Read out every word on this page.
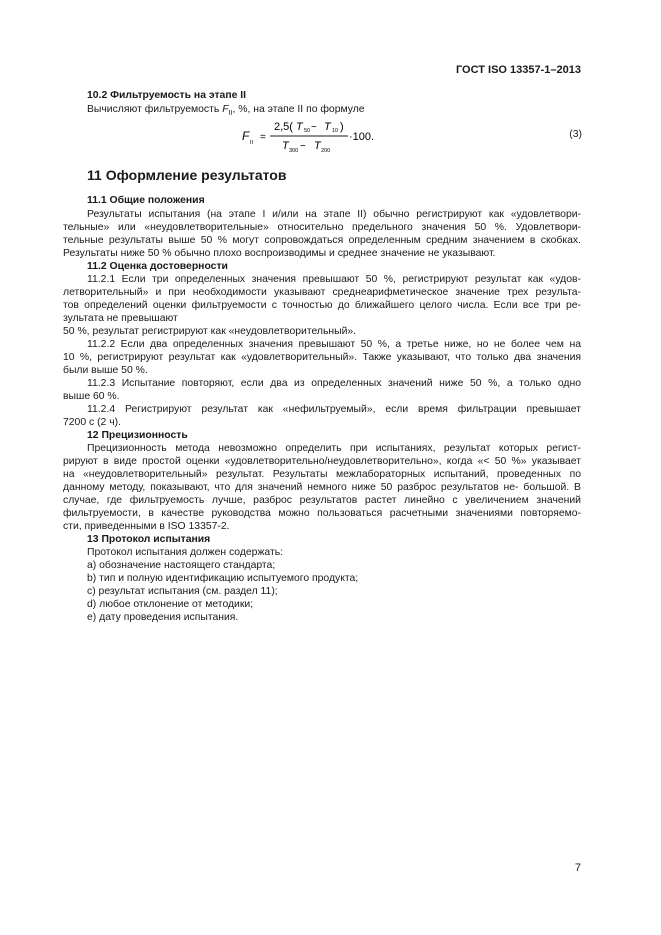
ГОСТ ISO 13357-1–2013
10.2 Фильтруемость на этапе II
Вычисляют фильтруемость $F_{II}$, %, на этапе II по формуле
F II =
2,5( T 50 − T 10 )
T 300 − T 200
·100.	(3)
11 Оформление результатов
11.1 Общие положения
Результаты испытания (на этапе I и/или на этапе II) обычно регистрируют как «удовлетвори-
тельные» или «неудовлетворительные» относительно предельного значения 50 %. Удовлетвори-
тельные результаты выше 50 % могут сопровождаться определенным средним значением в скобках.
Результаты ниже 50 % обычно плохо воспроизводимы и среднее значение не указывают.
11.2 Оценка достоверности
11.2.1 Если три определенных значения превышают 50 %, регистрируют результат как «удов-
летворительный» и при необходимости указывают среднеарифметическое значение трех результа-
тов определений оценки фильтруемости с точностью до ближайшего целого числа. Если все три ре-
зультата не превышают
50 %, результат регистрируют как «неудовлетворительный».
11.2.2 Если два определенных значения превышают 50 %, а третье ниже, но не более чем на
10 %, регистрируют результат как «удовлетворительный». Также указывают, что только два значения
были выше 50 %.
11.2.3 Испытание повторяют, если два из определенных значений ниже 50 %, а только одно
выше 60 %.
11.2.4 Регистрируют результат как «нефильтруемый», если время фильтрации превышает
7200 с (2 ч).
12 Прецизионность
Прецизионность метода невозможно определить при испытаниях, результат которых регист-
рируют в виде простой оценки «удовлетворительно/неудовлетворительно», когда «< 50 %» указывает
на «неудовлетворительный» результат. Результаты межлабораторных испытаний, проведенных по
данному методу, показывают, что для значений немного ниже 50 разброс результатов не- большой. В
случае, где фильтруемость лучше, разброс результатов растет линейно с увеличением значений
фильтруемости, в качестве руководства можно пользоваться расчетными значениями повторяемо-
сти, приведенными в ISO 13357-2.
13 Протокол испытания
Протокол испытания должен содержать:
а) обозначение настоящего стандарта;
b) тип и полную идентификацию испытуемого продукта;
c) результат испытания (см. раздел 11);
d) любое отклонение от методики;
e) дату проведения испытания.
7
